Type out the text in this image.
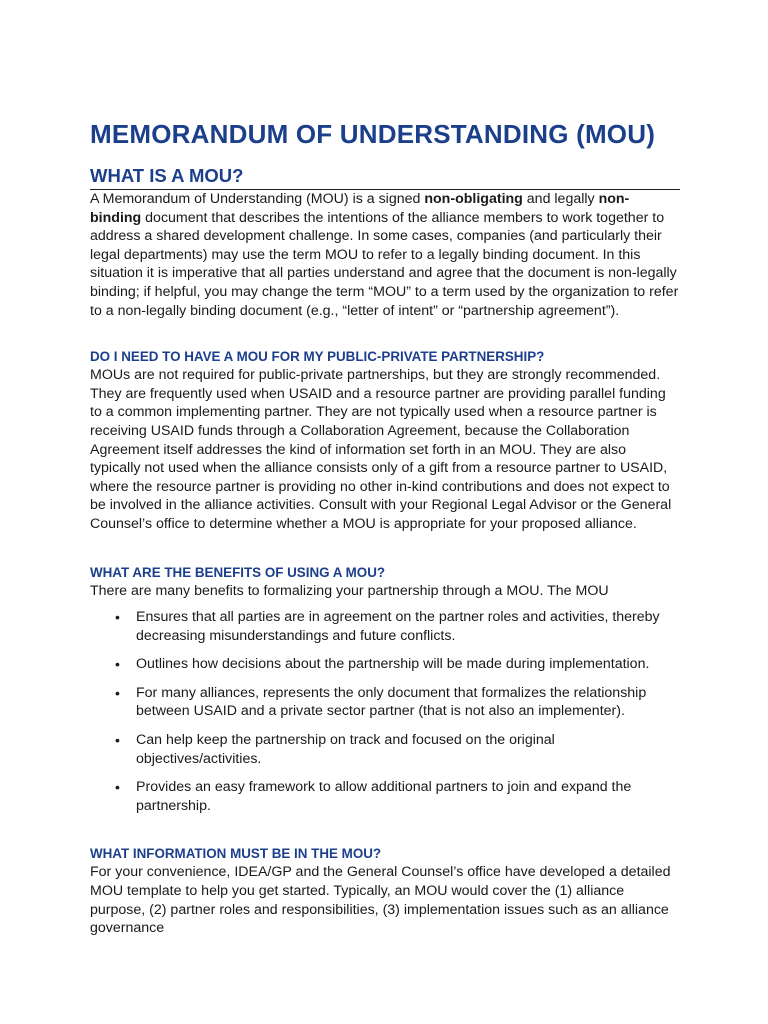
MEMORANDUM OF UNDERSTANDING (MOU)
WHAT IS A MOU?

A Memorandum of Understanding (MOU) is a signed non-obligating and legally non-binding document that describes the intentions of the alliance members to work together to address a shared development challenge. In some cases, companies (and particularly their legal departments) may use the term MOU to refer to a legally binding document. In this situation it is imperative that all parties understand and agree that the document is non-legally binding; if helpful, you may change the term “MOU” to a term used by the organization to refer to a non-legally binding document (e.g., “letter of intent” or “partnership agreement”).

DO I NEED TO HAVE A MOU FOR MY PUBLIC-PRIVATE PARTNERSHIP?

MOUs are not required for public-private partnerships, but they are strongly recommended. They are frequently used when USAID and a resource partner are providing parallel funding to a common implementing partner. They are not typically used when a resource partner is receiving USAID funds through a Collaboration Agreement, because the Collaboration Agreement itself addresses the kind of information set forth in an MOU. They are also typically not used when the alliance consists only of a gift from a resource partner to USAID, where the resource partner is providing no other in-kind contributions and does not expect to be involved in the alliance activities. Consult with your Regional Legal Advisor or the General Counsel’s office to determine whether a MOU is appropriate for your proposed alliance.

WHAT ARE THE BENEFITS OF USING A MOU?

There are many benefits to formalizing your partnership through a MOU. The MOU

• Ensures that all parties are in agreement on the partner roles and activities, thereby decreasing misunderstandings and future conflicts.
• Outlines how decisions about the partnership will be made during implementation.
• For many alliances, represents the only document that formalizes the relationship between USAID and a private sector partner (that is not also an implementer).
• Can help keep the partnership on track and focused on the original objectives/activities.
• Provides an easy framework to allow additional partners to join and expand the partnership.
WHAT INFORMATION MUST BE IN THE MOU?

For your convenience, IDEA/GP and the General Counsel’s office have developed a detailed MOU template to help you get started. Typically, an MOU would cover the (1) alliance purpose, (2) partner roles and responsibilities, (3) implementation issues such as an alliance governance
